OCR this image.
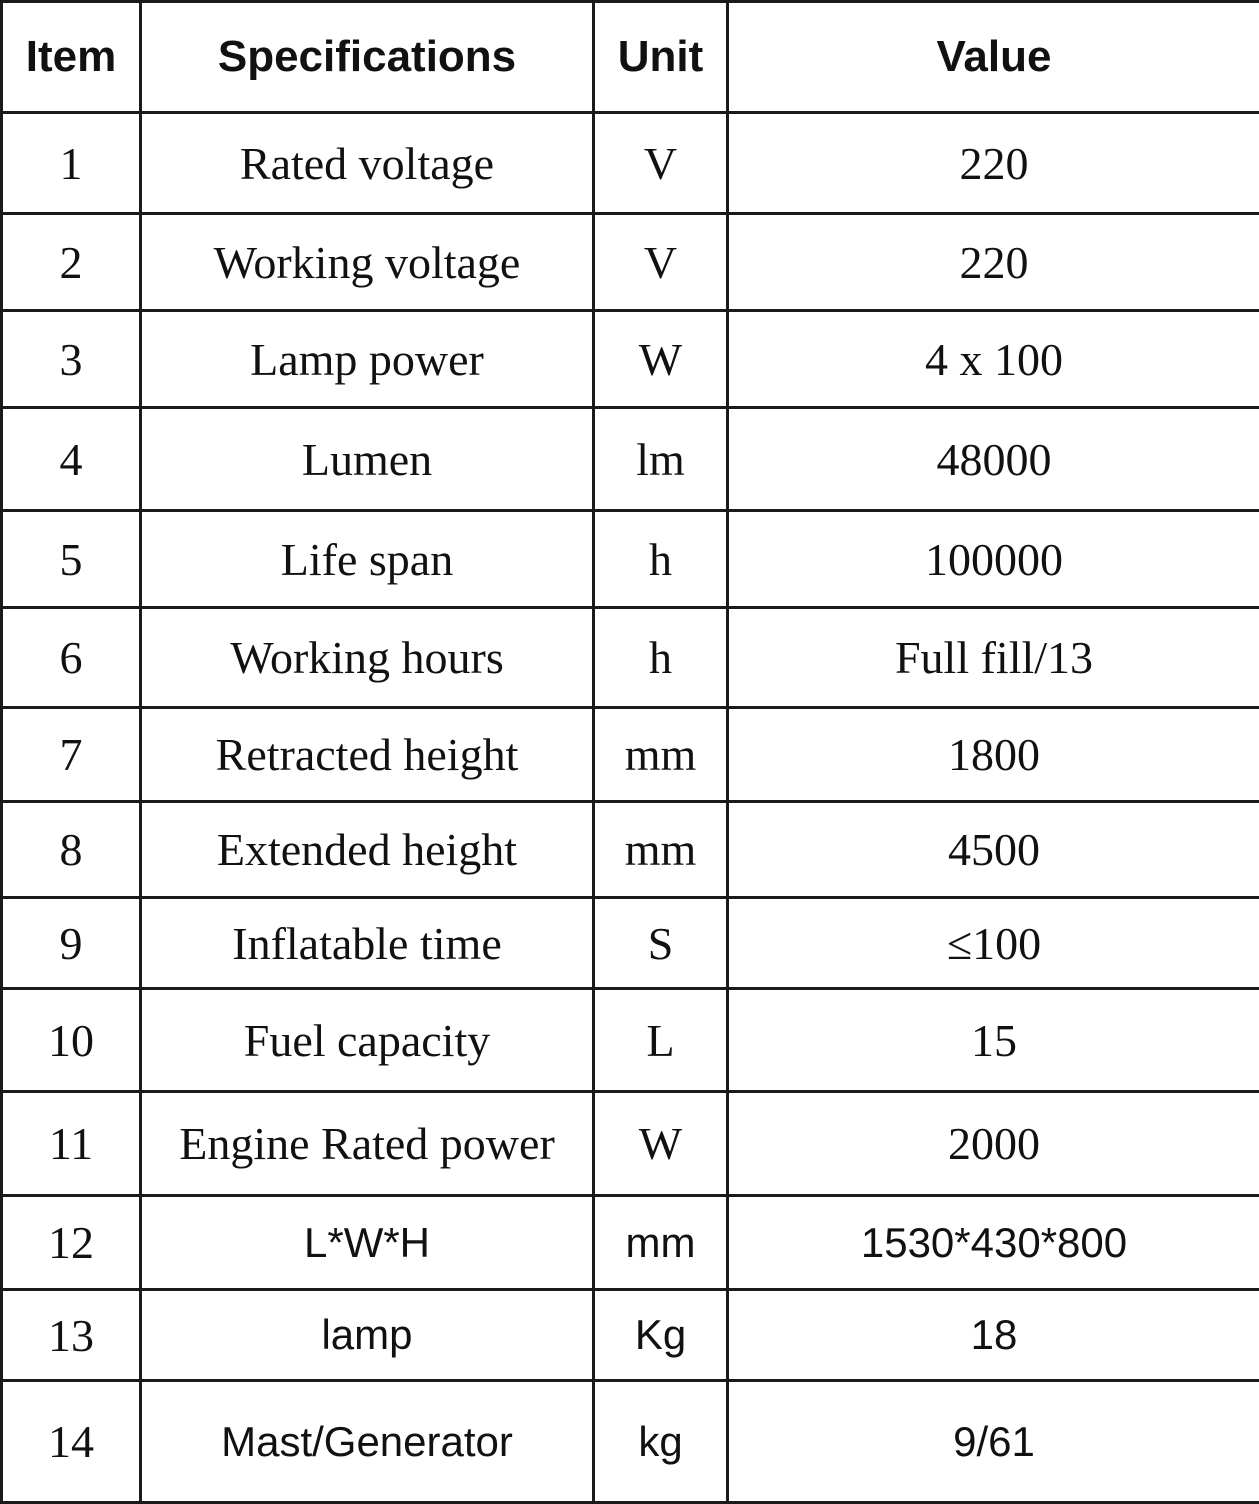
Item	Specifications	Unit	Value
1	Rated voltage	V	220
2	Working voltage	V	220
3	Lamp power	W	4 x 100
4	Lumen	lm	48000
5	Life span	h	100000
6	Working hours	h	Full fill/13
7	Retracted height	mm	1800
8	Extended height	mm	4500
9	Inflatable time	S	≤100
10	Fuel capacity	L	15
11	Engine Rated power	W	2000
12	L*W*H	mm	1530*430*800
13	lamp	Kg	18
14	Mast/Generator	kg	9/61
